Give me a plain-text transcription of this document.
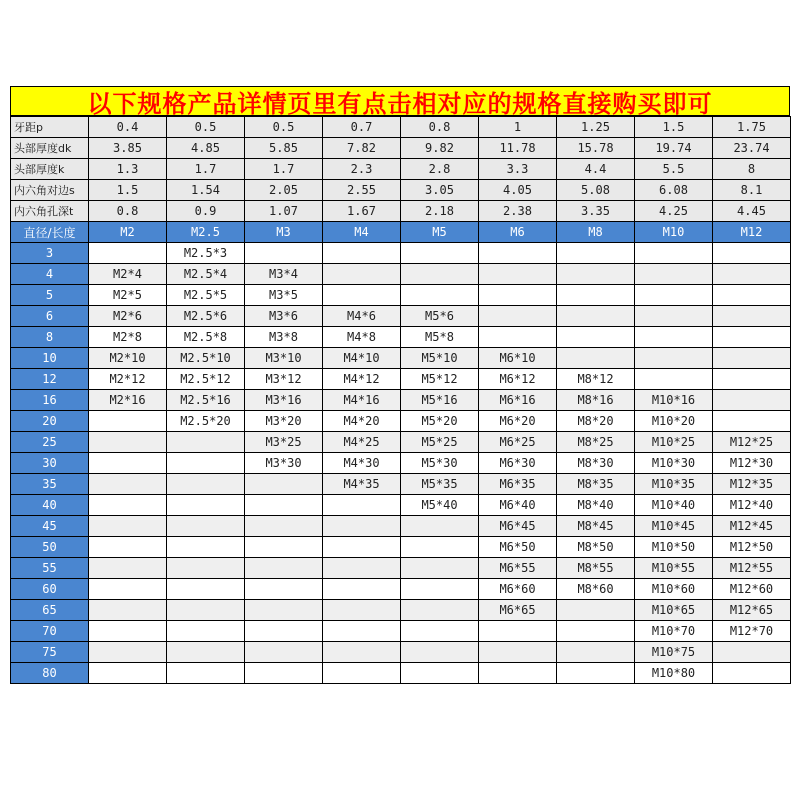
以下规格产品详情页里有点击相对应的规格直接购买即可
牙距p	0.4	0.5	0.5	0.7	0.8	1	1.25	1.5	1.75
头部厚度dk	3.85	4.85	5.85	7.82	9.82	11.78	15.78	19.74	23.74
头部厚度k	1.3	1.7	1.7	2.3	2.8	3.3	4.4	5.5	8
内六角对边s	1.5	1.54	2.05	2.55	3.05	4.05	5.08	6.08	8.1
内六角孔深t	0.8	0.9	1.07	1.67	2.18	2.38	3.35	4.25	4.45
直径/长度	M2	M2.5	M3	M4	M5	M6	M8	M10	M12
3		M2.5*3							
4	M2*4	M2.5*4	M3*4						
5	M2*5	M2.5*5	M3*5						
6	M2*6	M2.5*6	M3*6	M4*6	M5*6				
8	M2*8	M2.5*8	M3*8	M4*8	M5*8				
10	M2*10	M2.5*10	M3*10	M4*10	M5*10	M6*10			
12	M2*12	M2.5*12	M3*12	M4*12	M5*12	M6*12	M8*12		
16	M2*16	M2.5*16	M3*16	M4*16	M5*16	M6*16	M8*16	M10*16	
20		M2.5*20	M3*20	M4*20	M5*20	M6*20	M8*20	M10*20	
25			M3*25	M4*25	M5*25	M6*25	M8*25	M10*25	M12*25
30			M3*30	M4*30	M5*30	M6*30	M8*30	M10*30	M12*30
35				M4*35	M5*35	M6*35	M8*35	M10*35	M12*35
40					M5*40	M6*40	M8*40	M10*40	M12*40
45						M6*45	M8*45	M10*45	M12*45
50						M6*50	M8*50	M10*50	M12*50
55						M6*55	M8*55	M10*55	M12*55
60						M6*60	M8*60	M10*60	M12*60
65						M6*65		M10*65	M12*65
70								M10*70	M12*70
75								M10*75	
80								M10*80	
